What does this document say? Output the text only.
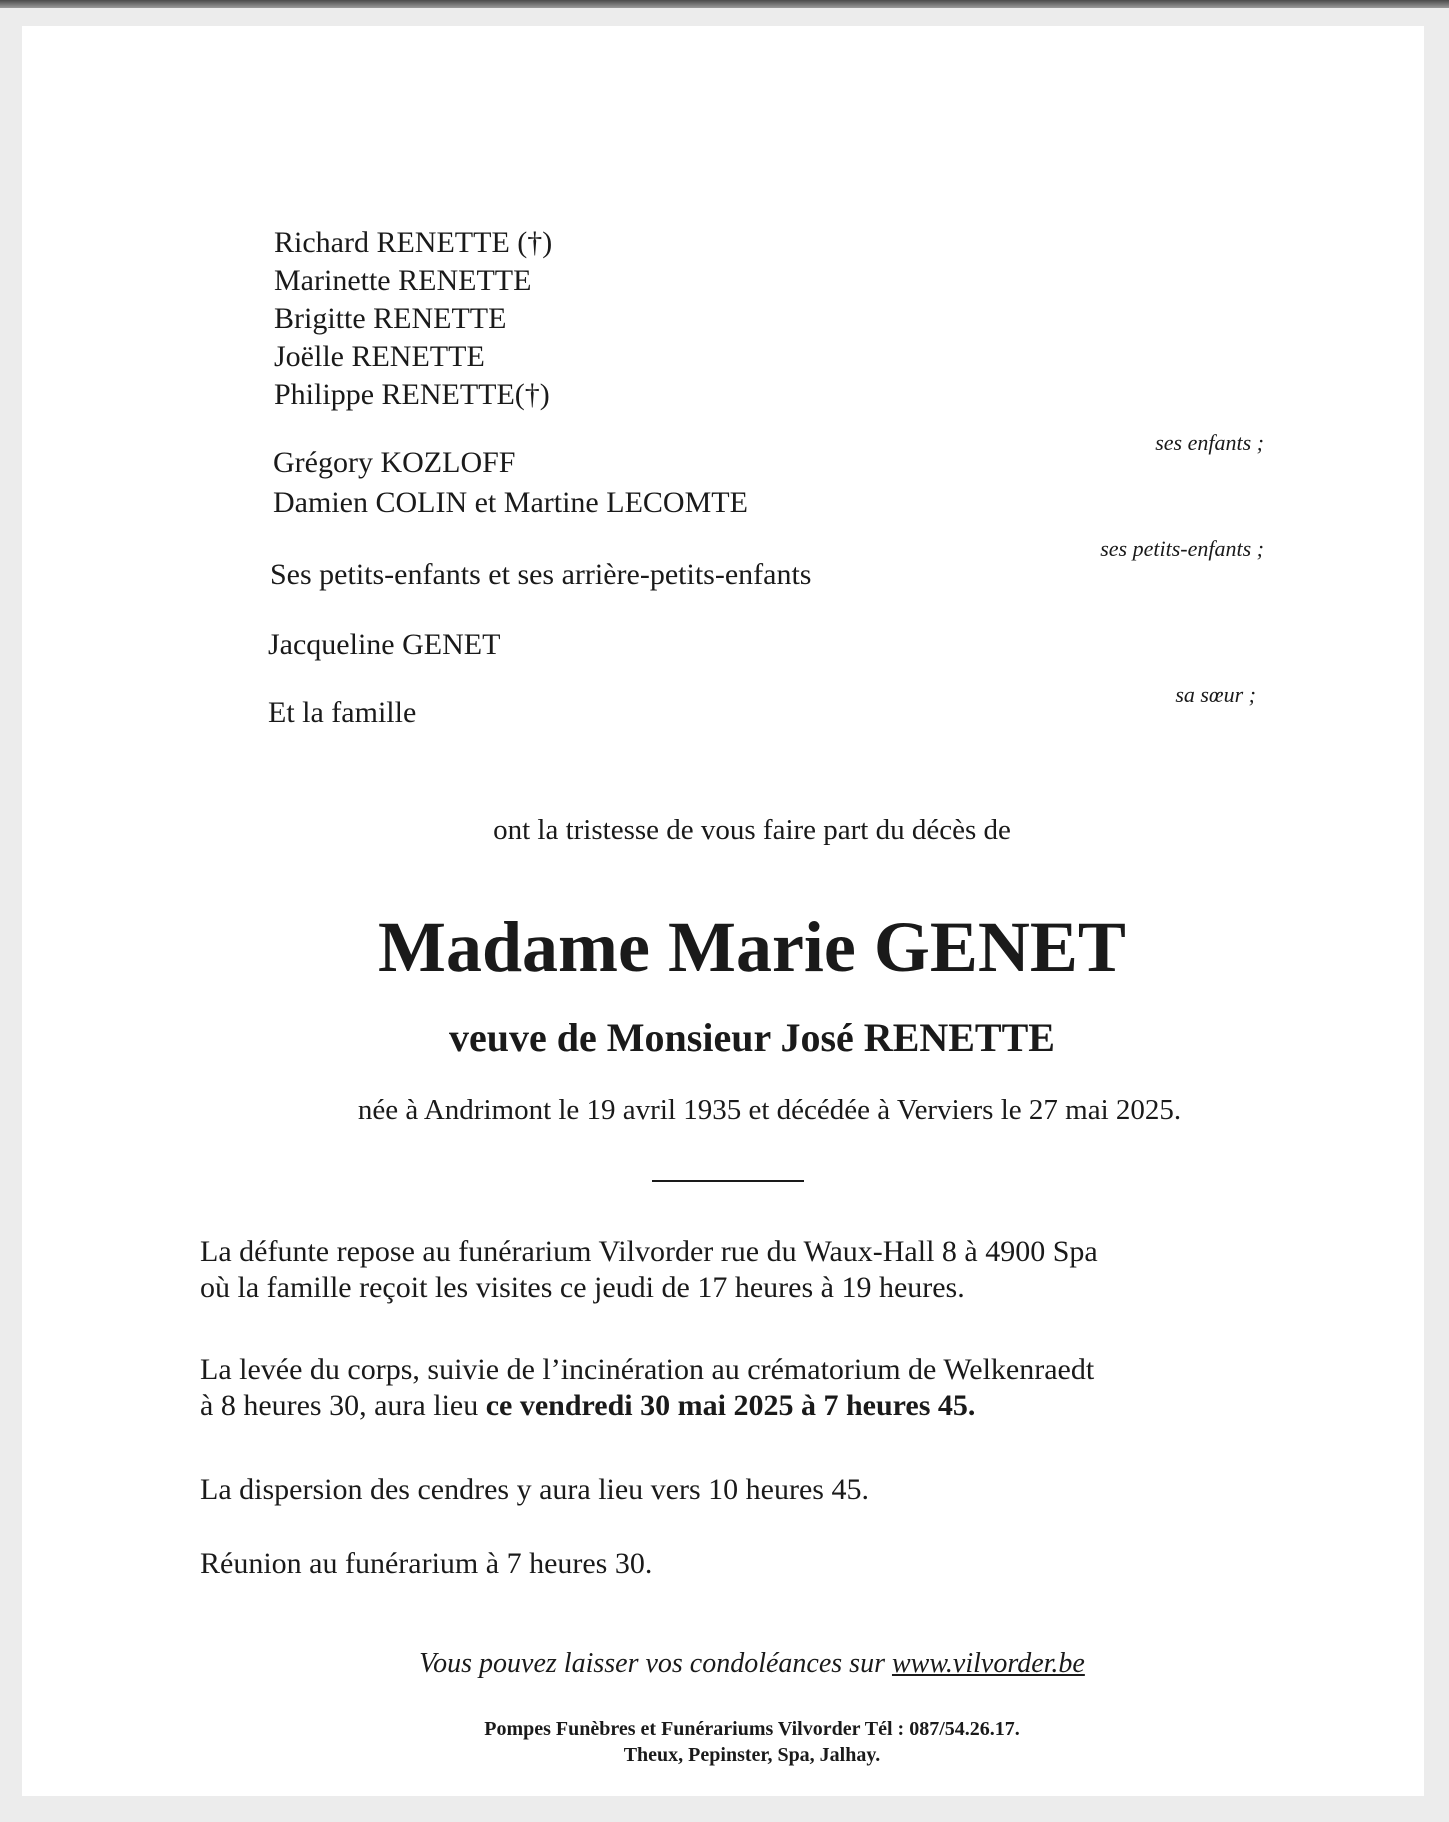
Richard RENETTE (†)
Marinette RENETTE
Brigitte RENETTE
Joëlle RENETTE
Philippe RENETTE(†)
ses enfants ;
Grégory KOZLOFF
Damien COLIN et Martine LECOMTE
ses petits-enfants ;
Ses petits-enfants et ses arrière-petits-enfants
Jacqueline GENET
sa sœur ;
Et la famille
ont la tristesse de vous faire part du décès de
Madame Marie GENET
veuve de Monsieur José RENETTE
née à Andrimont le 19 avril 1935 et décédée à Verviers le 27 mai 2025.
La défunte repose au funérarium Vilvorder rue du Waux-Hall 8 à 4900 Spa
où la famille reçoit les visites ce jeudi de 17 heures à 19 heures.
La levée du corps, suivie de l’incinération au crématorium de Welkenraedt
à 8 heures 30, aura lieu ce vendredi 30 mai 2025 à 7 heures 45.
La dispersion des cendres y aura lieu vers 10 heures 45.
Réunion au funérarium à 7 heures 30.
Vous pouvez laisser vos condoléances sur www.vilvorder.be
Pompes Funèbres et Funérariums Vilvorder Tél : 087/54.26.17.
Theux, Pepinster, Spa, Jalhay.
